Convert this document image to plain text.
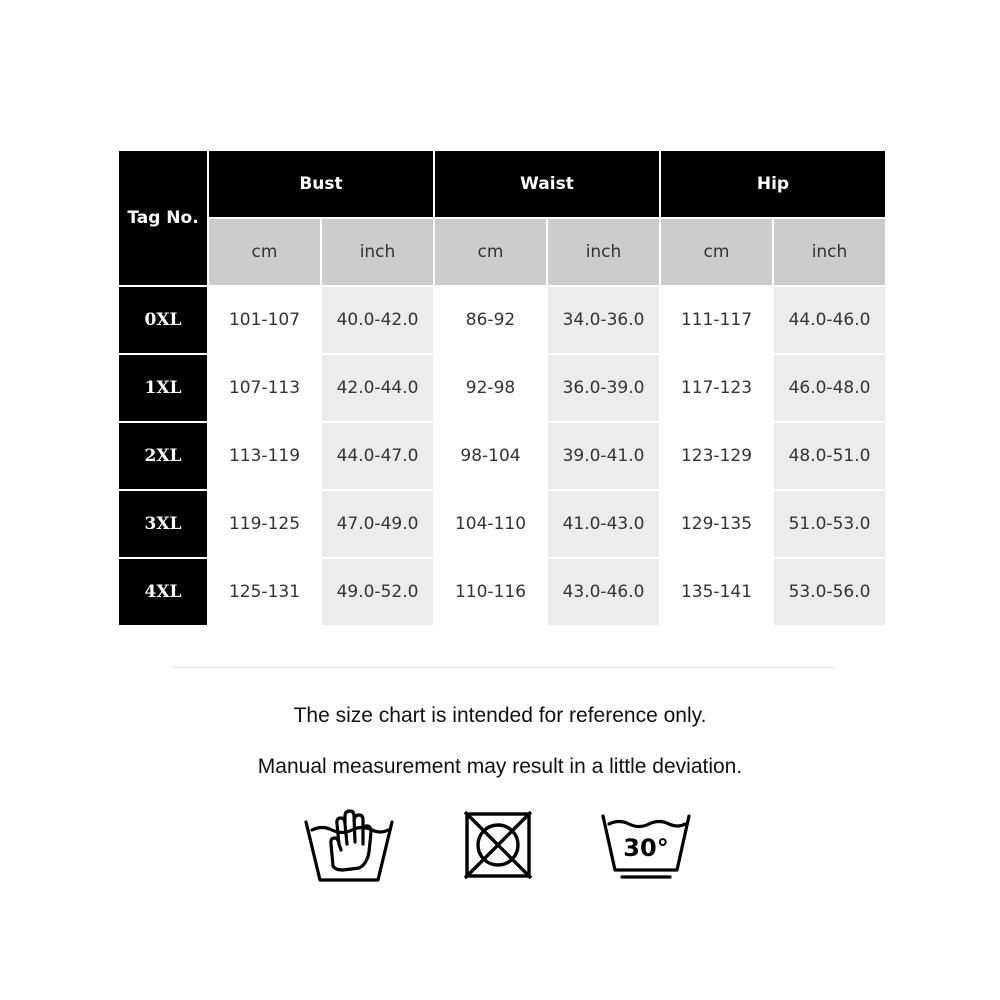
Tag No.	Bust		Waist		Hip	
	cm	inch	cm	inch	cm	inch
0XL	101-107	40.0-42.0	86-92	34.0-36.0	111-117	44.0-46.0
1XL	107-113	42.0-44.0	92-98	36.0-39.0	117-123	46.0-48.0
2XL	113-119	44.0-47.0	98-104	39.0-41.0	123-129	48.0-51.0
3XL	119-125	47.0-49.0	104-110	41.0-43.0	129-135	51.0-53.0
4XL	125-131	49.0-52.0	110-116	43.0-46.0	135-141	53.0-56.0
The size chart is intended for reference only.
Manual measurement may result in a little deviation.
30°
